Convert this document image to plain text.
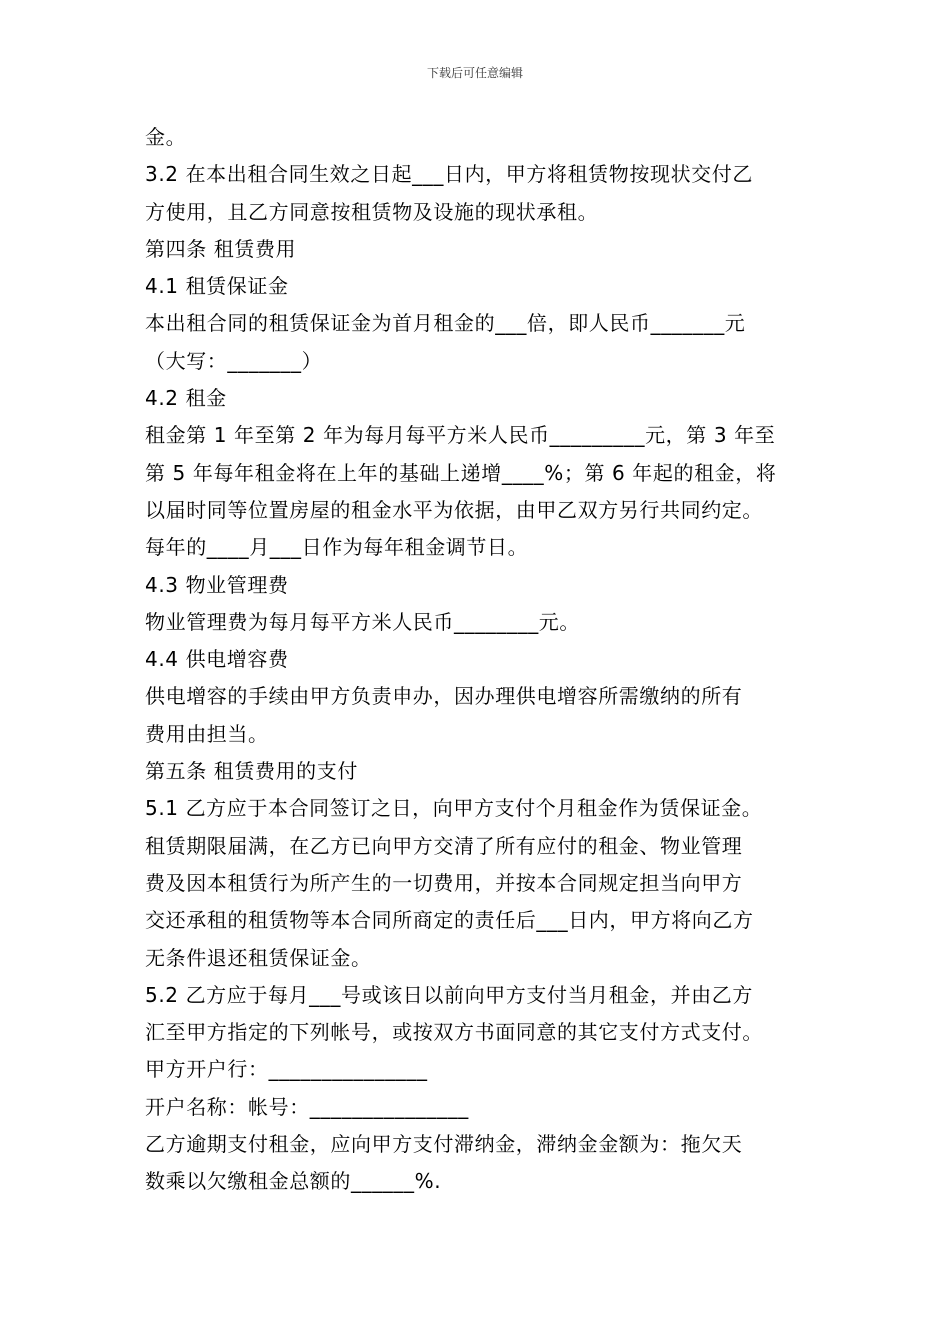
下载后可任意编辑
金。
3.2 在本出租合同生效之日起___日内，甲方将租赁物按现状交付乙
方使用，且乙方同意按租赁物及设施的现状承租。
第四条 租赁费用
4.1 租赁保证金
本出租合同的租赁保证金为首月租金的___倍，即人民币_______元
（大写：_______）
4.2 租金
租金第 1 年至第 2 年为每月每平方米人民币_________元，第 3 年至
第 5 年每年租金将在上年的基础上递增____%；第 6 年起的租金，将
以届时同等位置房屋的租金水平为依据，由甲乙双方另行共同约定。
每年的____月___日作为每年租金调节日。
4.3 物业管理费
物业管理费为每月每平方米人民币________元。
4.4 供电增容费
供电增容的手续由甲方负责申办，因办理供电增容所需缴纳的所有
费用由担当。
第五条 租赁费用的支付
5.1 乙方应于本合同签订之日，向甲方支付个月租金作为赁保证金。
租赁期限届满，在乙方已向甲方交清了所有应付的租金、物业管理
费及因本租赁行为所产生的一切费用，并按本合同规定担当向甲方
交还承租的租赁物等本合同所商定的责任后___日内，甲方将向乙方
无条件退还租赁保证金。
5.2 乙方应于每月___号或该日以前向甲方支付当月租金，并由乙方
汇至甲方指定的下列帐号，或按双方书面同意的其它支付方式支付。
甲方开户行：_______________
开户名称：帐号：_______________
乙方逾期支付租金，应向甲方支付滞纳金，滞纳金金额为：拖欠天
数乘以欠缴租金总额的______%.
